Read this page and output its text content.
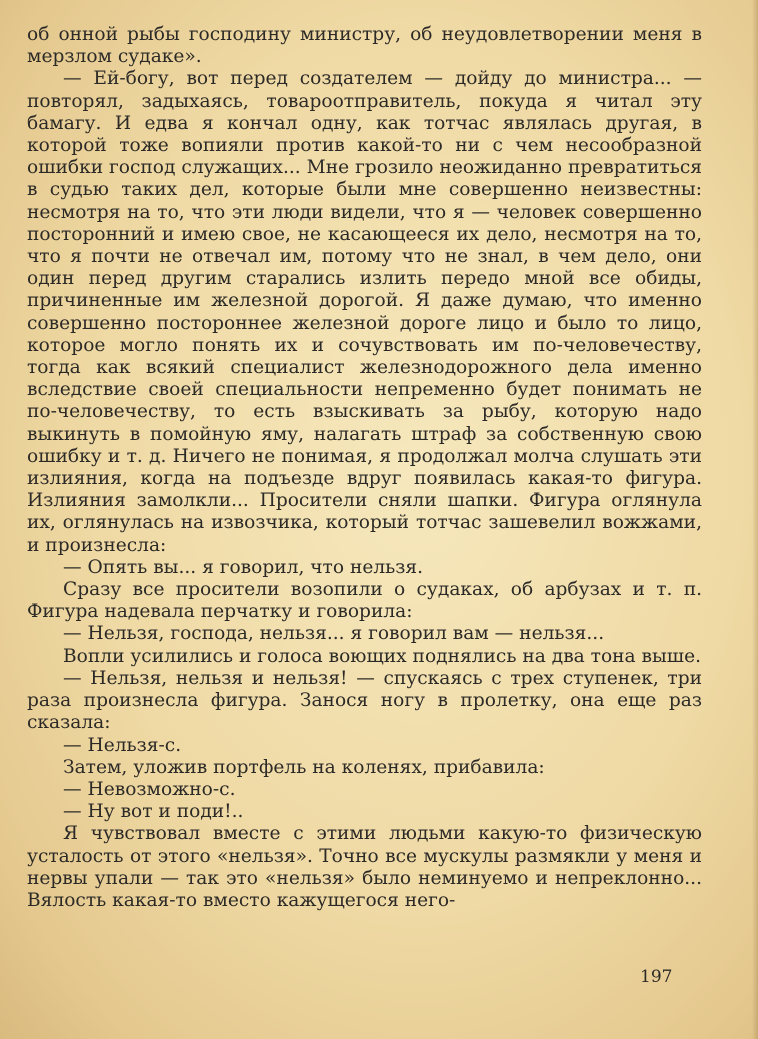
об онной рыбы господину министру, об неудовлетворении меня в мерзлом судаке».

— Ей-богу, вот перед создателем — дойду до министра... — повторял, задыхаясь, товароотправитель, покуда я читал эту бамагу. И едва я кончал одну, как тотчас являлась другая, в которой тоже вопияли против какой-то ни с чем несообразной ошибки господ служащих... Мне грозило неожиданно превратиться в судью таких дел, которые были мне совершенно неизвестны: несмотря на то, что эти люди видели, что я — человек совершенно посторонний и имею свое, не касающееся их дело, несмотря на то, что я почти не отвечал им, потому что не знал, в чем дело, они один перед другим старались излить передо мной все обиды, причиненные им железной дорогой. Я даже думаю, что именно совершенно постороннее железной дороге лицо и было то лицо, которое могло понять их и сочувствовать им по-человечеству, тогда как всякий специалист железнодорожного дела именно вследствие своей специальности непременно будет понимать не по-человечеству, то есть взыскивать за рыбу, которую надо выкинуть в помойную яму, налагать штраф за собственную свою ошибку и т. д. Ничего не понимая, я продолжал молча слушать эти излияния, когда на подъезде вдруг появилась какая-то фигура. Излияния замолкли... Просители сняли шапки. Фигура оглянула их, оглянулась на извозчика, который тотчас зашевелил вожжами, и произнесла:

— Опять вы... я говорил, что нельзя.

Сразу все просители возопили о судаках, об арбузах и т. п. Фигура надевала перчатку и говорила:

— Нельзя, господа, нельзя... я говорил вам — нельзя...

Вопли усилились и голоса воющих поднялись на два тона выше.

— Нельзя, нельзя и нельзя! — спускаясь с трех ступенек, три раза произнесла фигура. Занося ногу в пролетку, она еще раз сказала:

— Нельзя-с.

Затем, уложив портфель на коленях, прибавила:

— Невозможно-с.

— Ну вот и поди!..

Я чувствовал вместе с этими людьми какую-то физическую усталость от этого «нельзя». Точно все мускулы размякли у меня и нервы упали — так это «нельзя» было неминуемо и непреклонно... Вялость какая-то вместо кажущегося него-

197
